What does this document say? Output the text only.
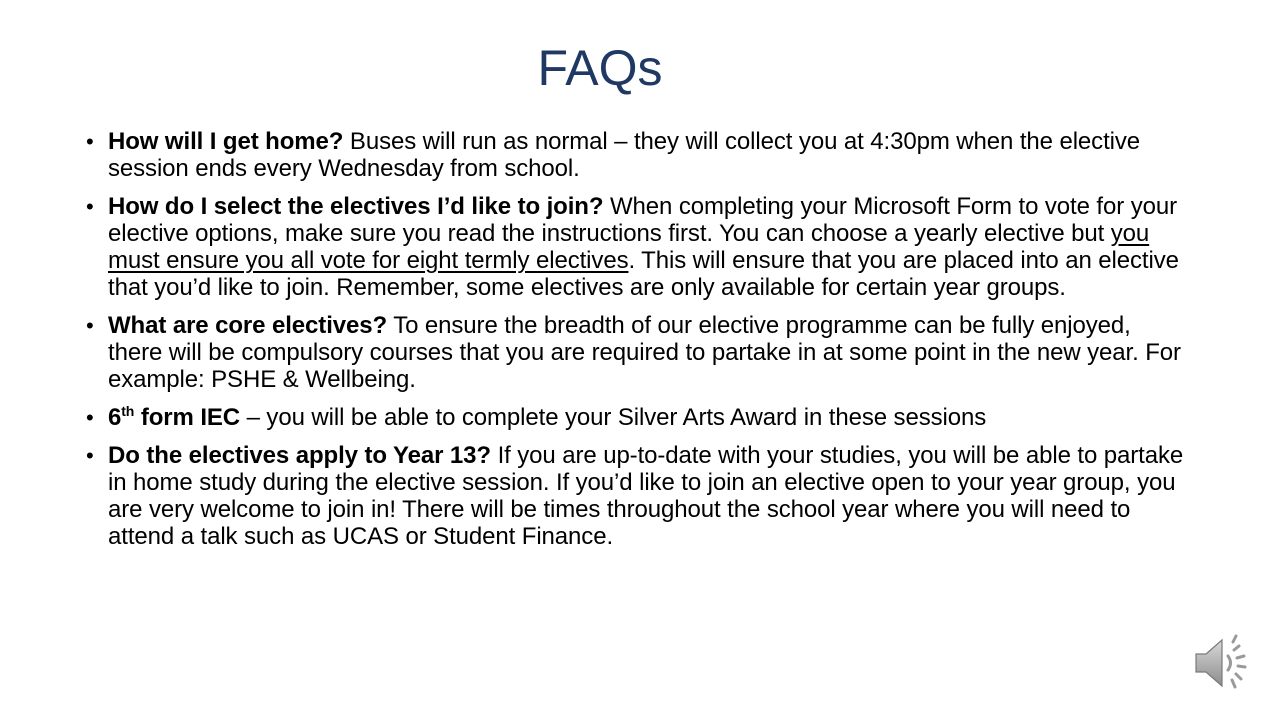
FAQs
• How will I get home? Buses will run as normal – they will collect you at 4:30pm when the elective session ends every Wednesday from school.
• How do I select the electives I’d like to join? When completing your Microsoft Form to vote for your elective options, make sure you read the instructions first. You can choose a yearly elective but you must ensure you all vote for eight termly electives. This will ensure that you are placed into an elective that you’d like to join. Remember, some electives are only available for certain year groups.
• What are core electives? To ensure the breadth of our elective programme can be fully enjoyed, there will be compulsory courses that you are required to partake in at some point in the new year. For example: PSHE & Wellbeing.
• 6th form IEC – you will be able to complete your Silver Arts Award in these sessions
• Do the electives apply to Year 13? If you are up-to-date with your studies, you will be able to partake in home study during the elective session. If you’d like to join an elective open to your year group, you are very welcome to join in! There will be times throughout the school year where you will need to attend a talk such as UCAS or Student Finance.
